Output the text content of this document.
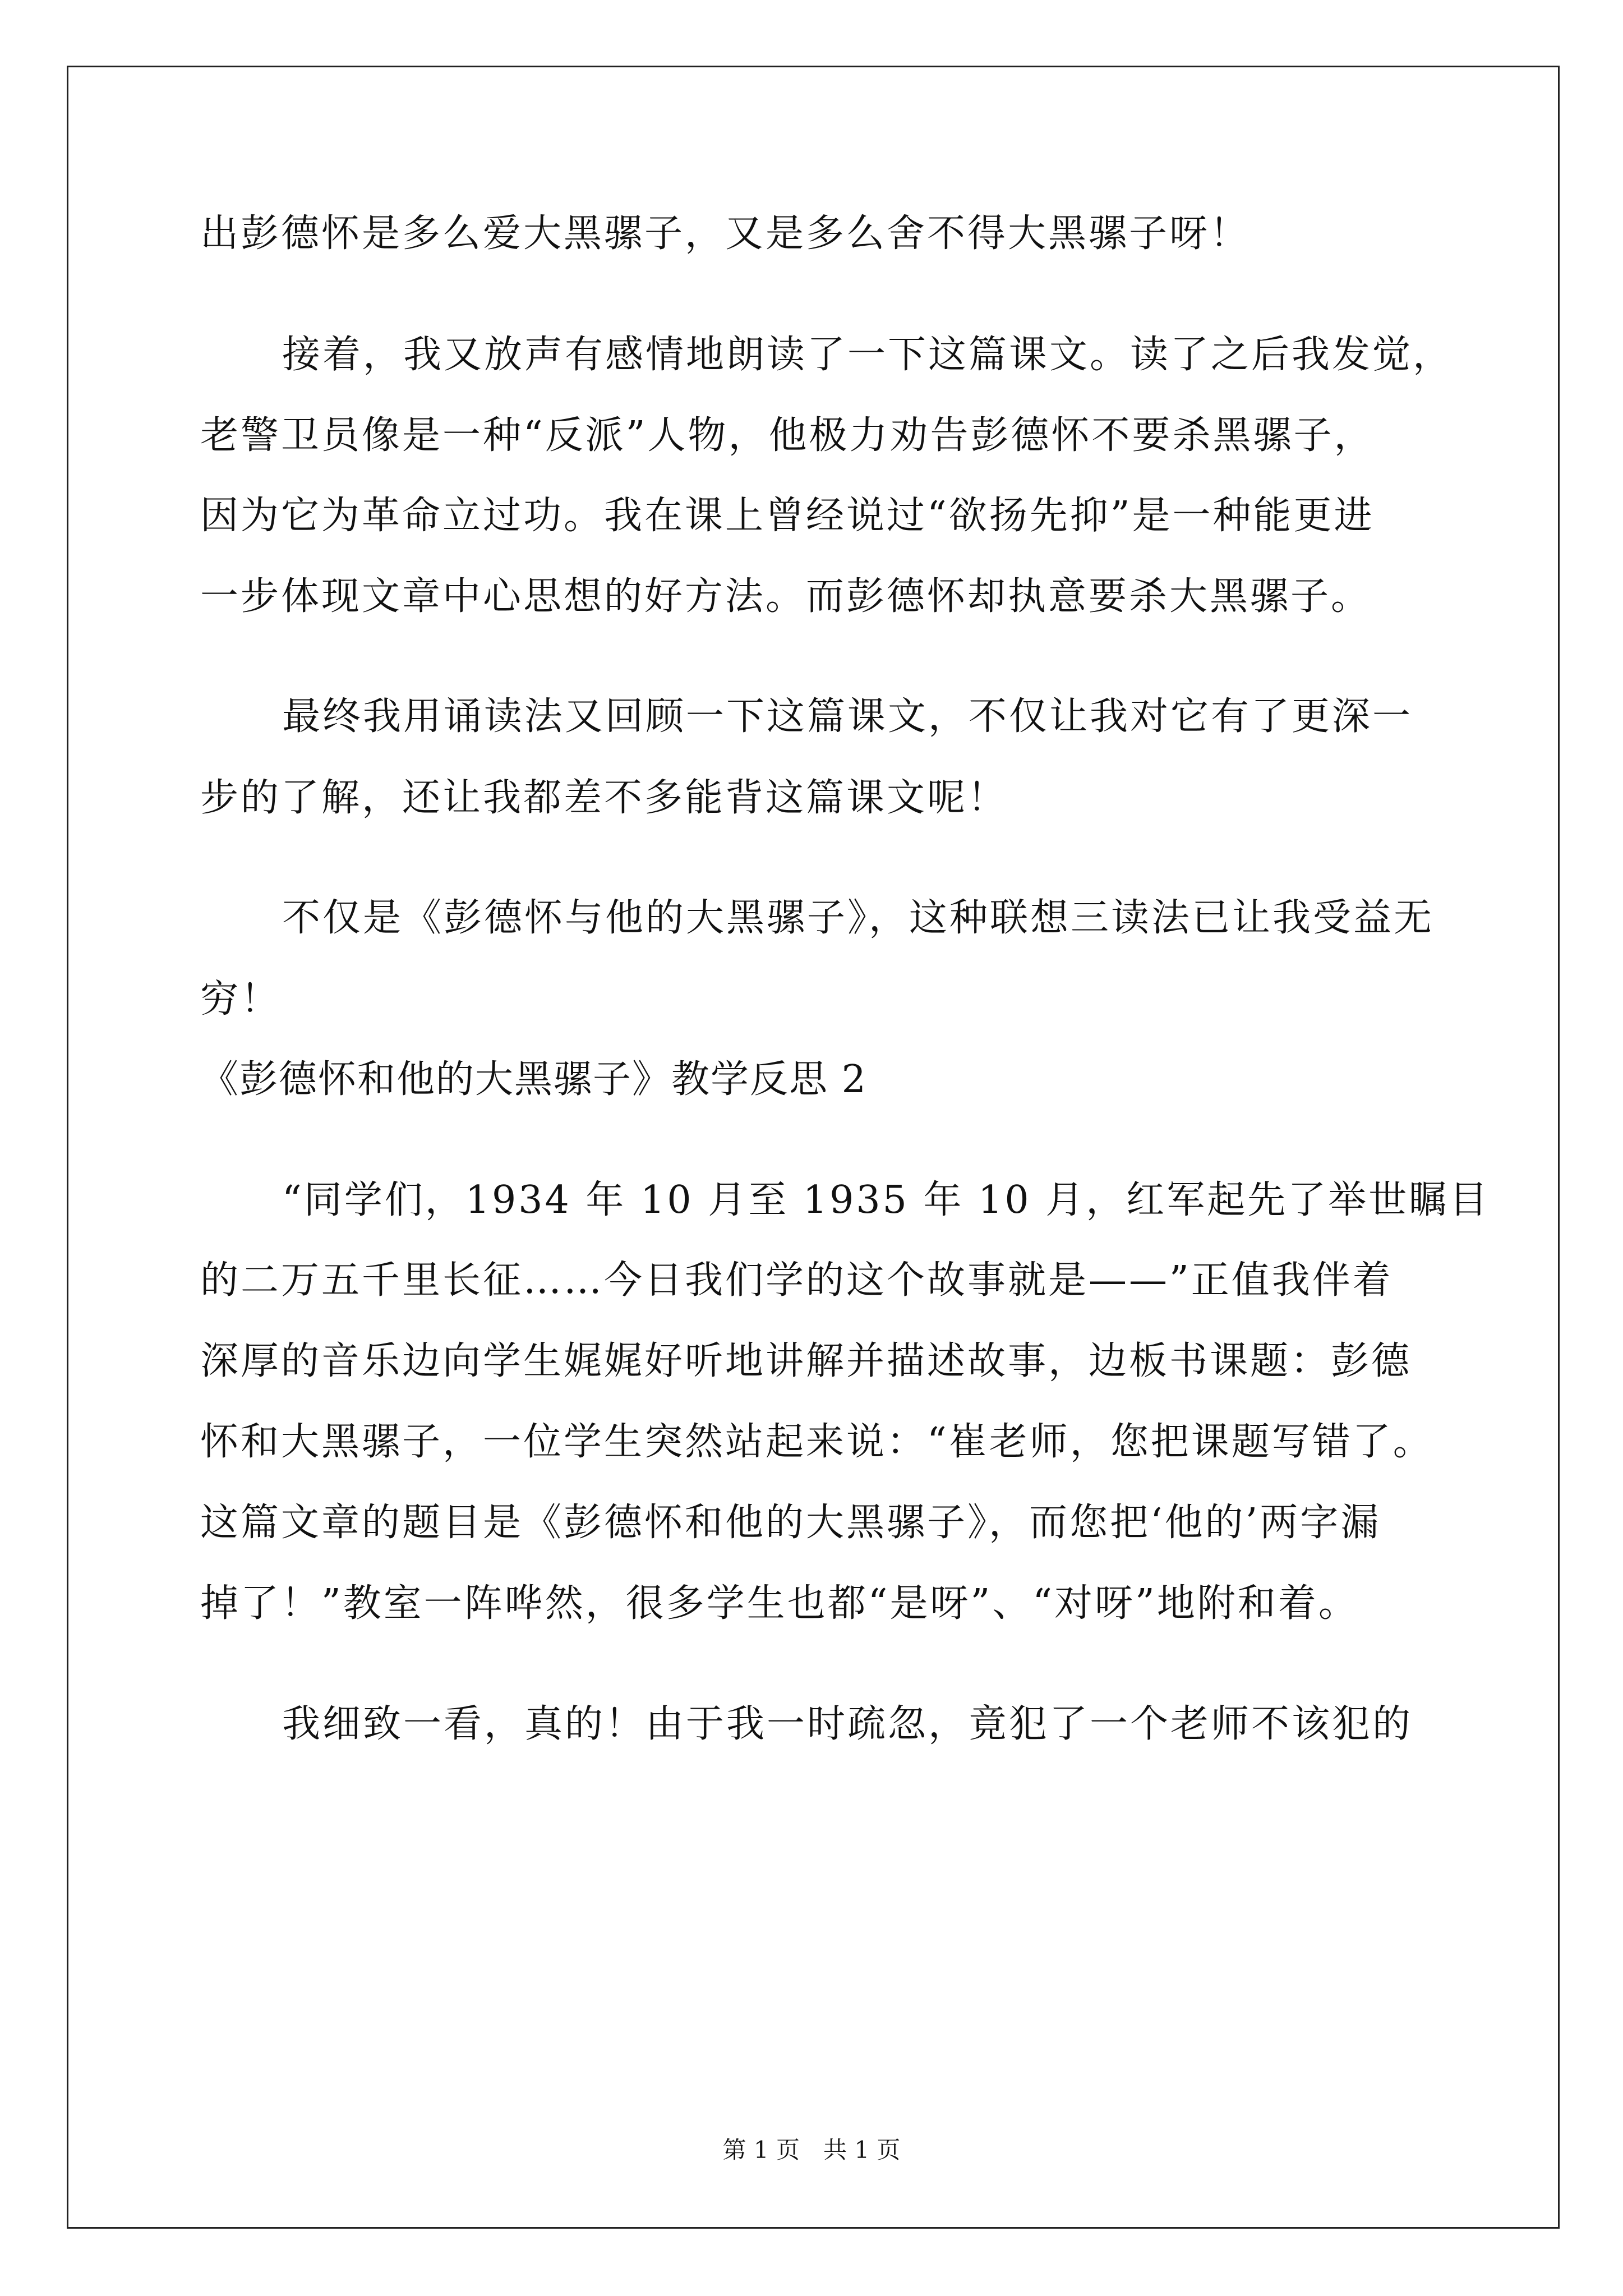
出彭德怀是多么爱大黑骡子，又是多么舍不得大黑骡子呀！
接着，我又放声有感情地朗读了一下这篇课文。读了之后我发觉，
老警卫员像是一种“反派”人物，他极力劝告彭德怀不要杀黑骡子，
因为它为革命立过功。我在课上曾经说过“欲扬先抑”是一种能更进
一步体现文章中心思想的好方法。而彭德怀却执意要杀大黑骡子。
最终我用诵读法又回顾一下这篇课文，不仅让我对它有了更深一
步的了解，还让我都差不多能背这篇课文呢！
不仅是《彭德怀与他的大黑骡子》，这种联想三读法已让我受益无
穷！
《彭德怀和他的大黑骡子》教学反思 2
“同学们，1934 年 10 月至 1935 年 10 月，红军起先了举世瞩目
的二万五千里长征……今日我们学的这个故事就是——”正值我伴着
深厚的音乐边向学生娓娓好听地讲解并描述故事，边板书课题：彭德
怀和大黑骡子，一位学生突然站起来说：“崔老师，您把课题写错了。
这篇文章的题目是《彭德怀和他的大黑骡子》，而您把‘他的’两字漏
掉了！”教室一阵哗然，很多学生也都“是呀”、“对呀”地附和着。
我细致一看，真的！由于我一时疏忽，竟犯了一个老师不该犯的
第 1 页　共 1 页
